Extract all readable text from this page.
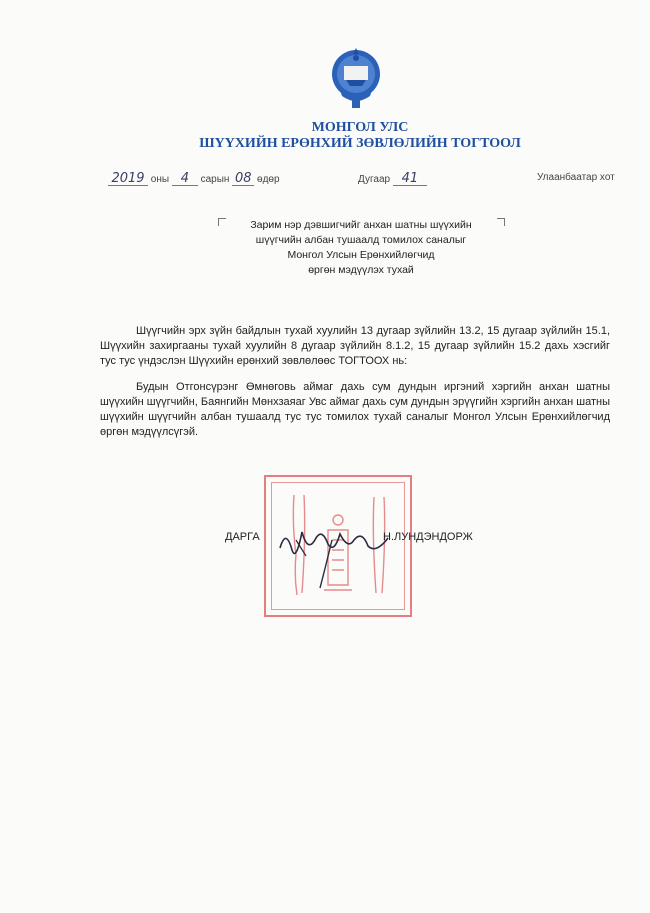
МОНГОЛ УЛС
ШҮҮХИЙН ЕРӨНХИЙ ЗӨВЛӨЛИЙН ТОГТООЛ
2019 оны 4 сарын 08 өдөр	Дугаар 41	Улаанбаатар хот
Зарим нэр дэвшигчийг анхан шатны шүүхийн
шүүгчийн албан тушаалд томилох саналыг
Монгол Улсын Ерөнхийлөгчид
өргөн мэдүүлэх тухай
Шүүгчийн эрх зүйн байдлын тухай хуулийн 13 дугаар зүйлийн 13.2, 15 дугаар зүйлийн 15.1, Шүүхийн захиргааны тухай хуулийн 8 дугаар зүйлийн 8.1.2, 15 дугаар зүйлийн 15.2 дахь хэсгийг тус тус үндэслэн Шүүхийн ерөнхий зөвлөлөөс ТОГТООХ нь:
Будын Отгонсүрэнг Өмнөговь аймаг дахь сум дундын иргэний хэргийн анхан шатны шүүхийн шүүгчийн, Баянгийн Мөнхзаяаг Увс аймаг дахь сум дундын эрүүгийн хэргийн анхан шатны шүүхийн шүүгчийн албан тушаалд тус тус томилох тухай саналыг Монгол Улсын Ерөнхийлөгчид өргөн мэдүүлсүгэй.
ДАРГА	Н.ЛУНДЭНДОРЖ
